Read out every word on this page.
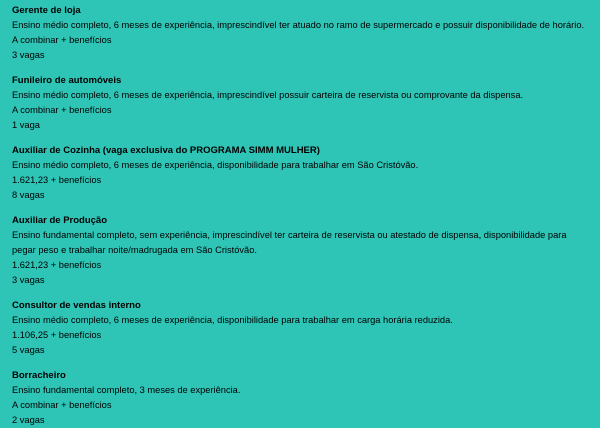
Gerente de loja

Ensino médio completo, 6 meses de experiência, imprescindível ter atuado no ramo de supermercado e possuir disponibilidade de horário.

A combinar + benefícios

3 vagas

Funileiro de automóveis

Ensino médio completo, 6 meses de experiência, imprescindível possuir carteira de reservista ou comprovante da dispensa.

A combinar + benefícios

1 vaga

Auxiliar de Cozinha (vaga exclusiva do PROGRAMA SIMM MULHER)

Ensino médio completo, 6 meses de experiência, disponibilidade para trabalhar em São Cristóvão.

1.621,23 + benefícios

8 vagas

Auxiliar de Produção

Ensino fundamental completo, sem experiência, imprescindível ter carteira de reservista ou atestado de dispensa, disponibilidade para

pegar peso e trabalhar noite/madrugada em São Cristóvão.

1.621,23 + benefícios

3 vagas

Consultor de vendas interno

Ensino médio completo, 6 meses de experiência, disponibilidade para trabalhar em carga horária reduzida.

1.106,25 + benefícios

5 vagas

Borracheiro

Ensino fundamental completo, 3 meses de experiência.

A combinar + benefícios

2 vagas
